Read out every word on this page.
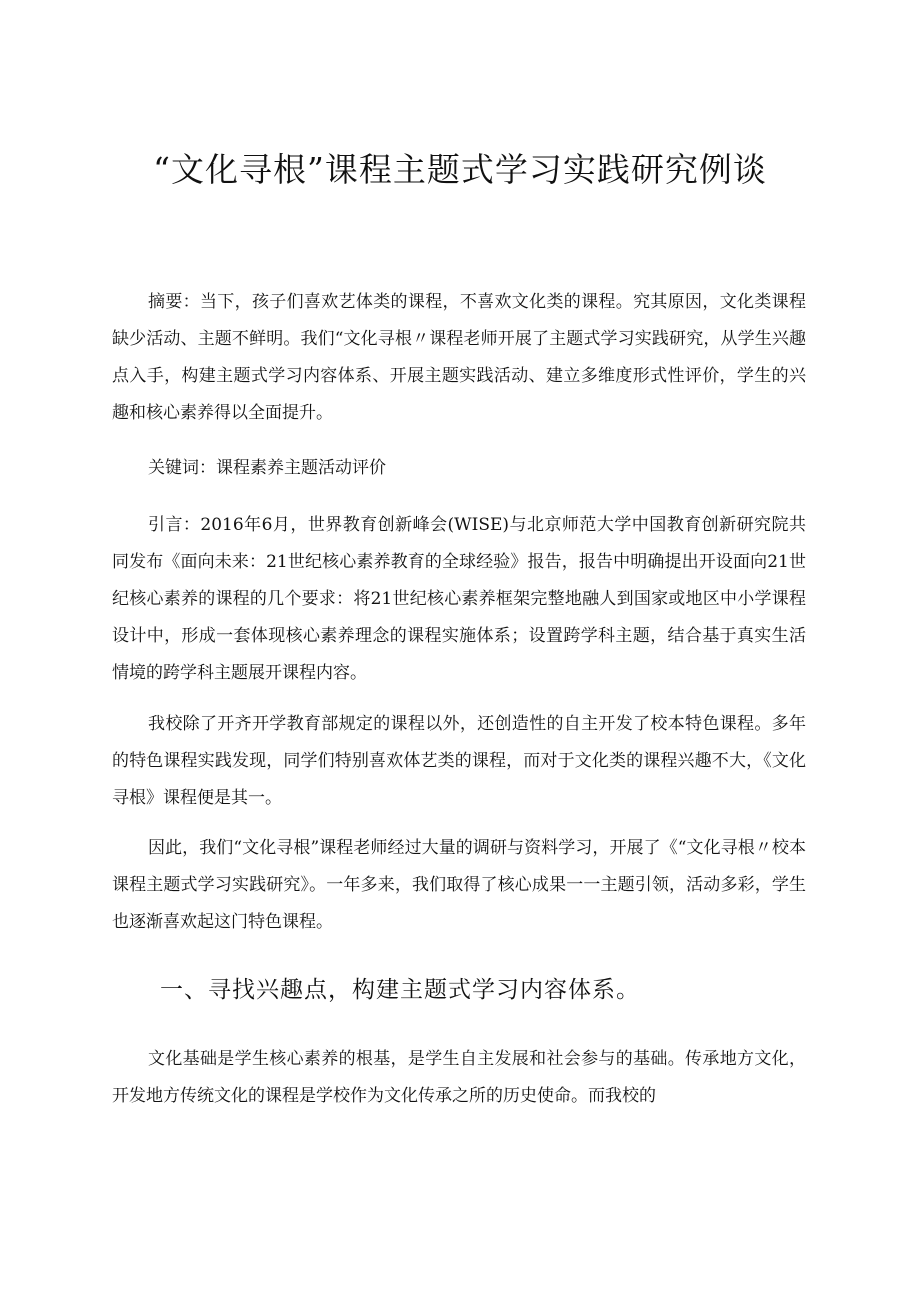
“文化寻根”课程主题式学习实践研究例谈

摘要：当下，孩子们喜欢艺体类的课程，不喜欢文化类的课程。究其原因，文化类课程缺少活动、主题不鲜明。我们“文化寻根〃课程老师开展了主题式学习实践研究，从学生兴趣点入手，构建主题式学习内容体系、开展主题实践活动、建立多维度形式性评价，学生的兴趣和核心素养得以全面提升。

关键词：课程素养主题活动评价

引言：2016年6月，世界教育创新峰会(WISE)与北京师范大学中国教育创新研究院共同发布《面向未来：21世纪核心素养教育的全球经验》报告，报告中明确提出开设面向21世纪核心素养的课程的几个要求：将21世纪核心素养框架完整地融人到国家或地区中小学课程设计中，形成一套体现核心素养理念的课程实施体系；设置跨学科主题，结合基于真实生活情境的跨学科主题展开课程内容。

我校除了开齐开学教育部规定的课程以外，还创造性的自主开发了校本特色课程。多年的特色课程实践发现，同学们特别喜欢体艺类的课程，而对于文化类的课程兴趣不大，《文化寻根》课程便是其一。

因此，我们“文化寻根”课程老师经过大量的调研与资料学习，开展了《“文化寻根〃校本课程主题式学习实践研究》。一年多来，我们取得了核心成果一一主题引领，活动多彩，学生也逐渐喜欢起这门特色课程。

一、寻找兴趣点，构建主题式学习内容体系。

文化基础是学生核心素养的根基，是学生自主发展和社会参与的基础。传承地方文化，开发地方传统文化的课程是学校作为文化传承之所的历史使命。而我校的
